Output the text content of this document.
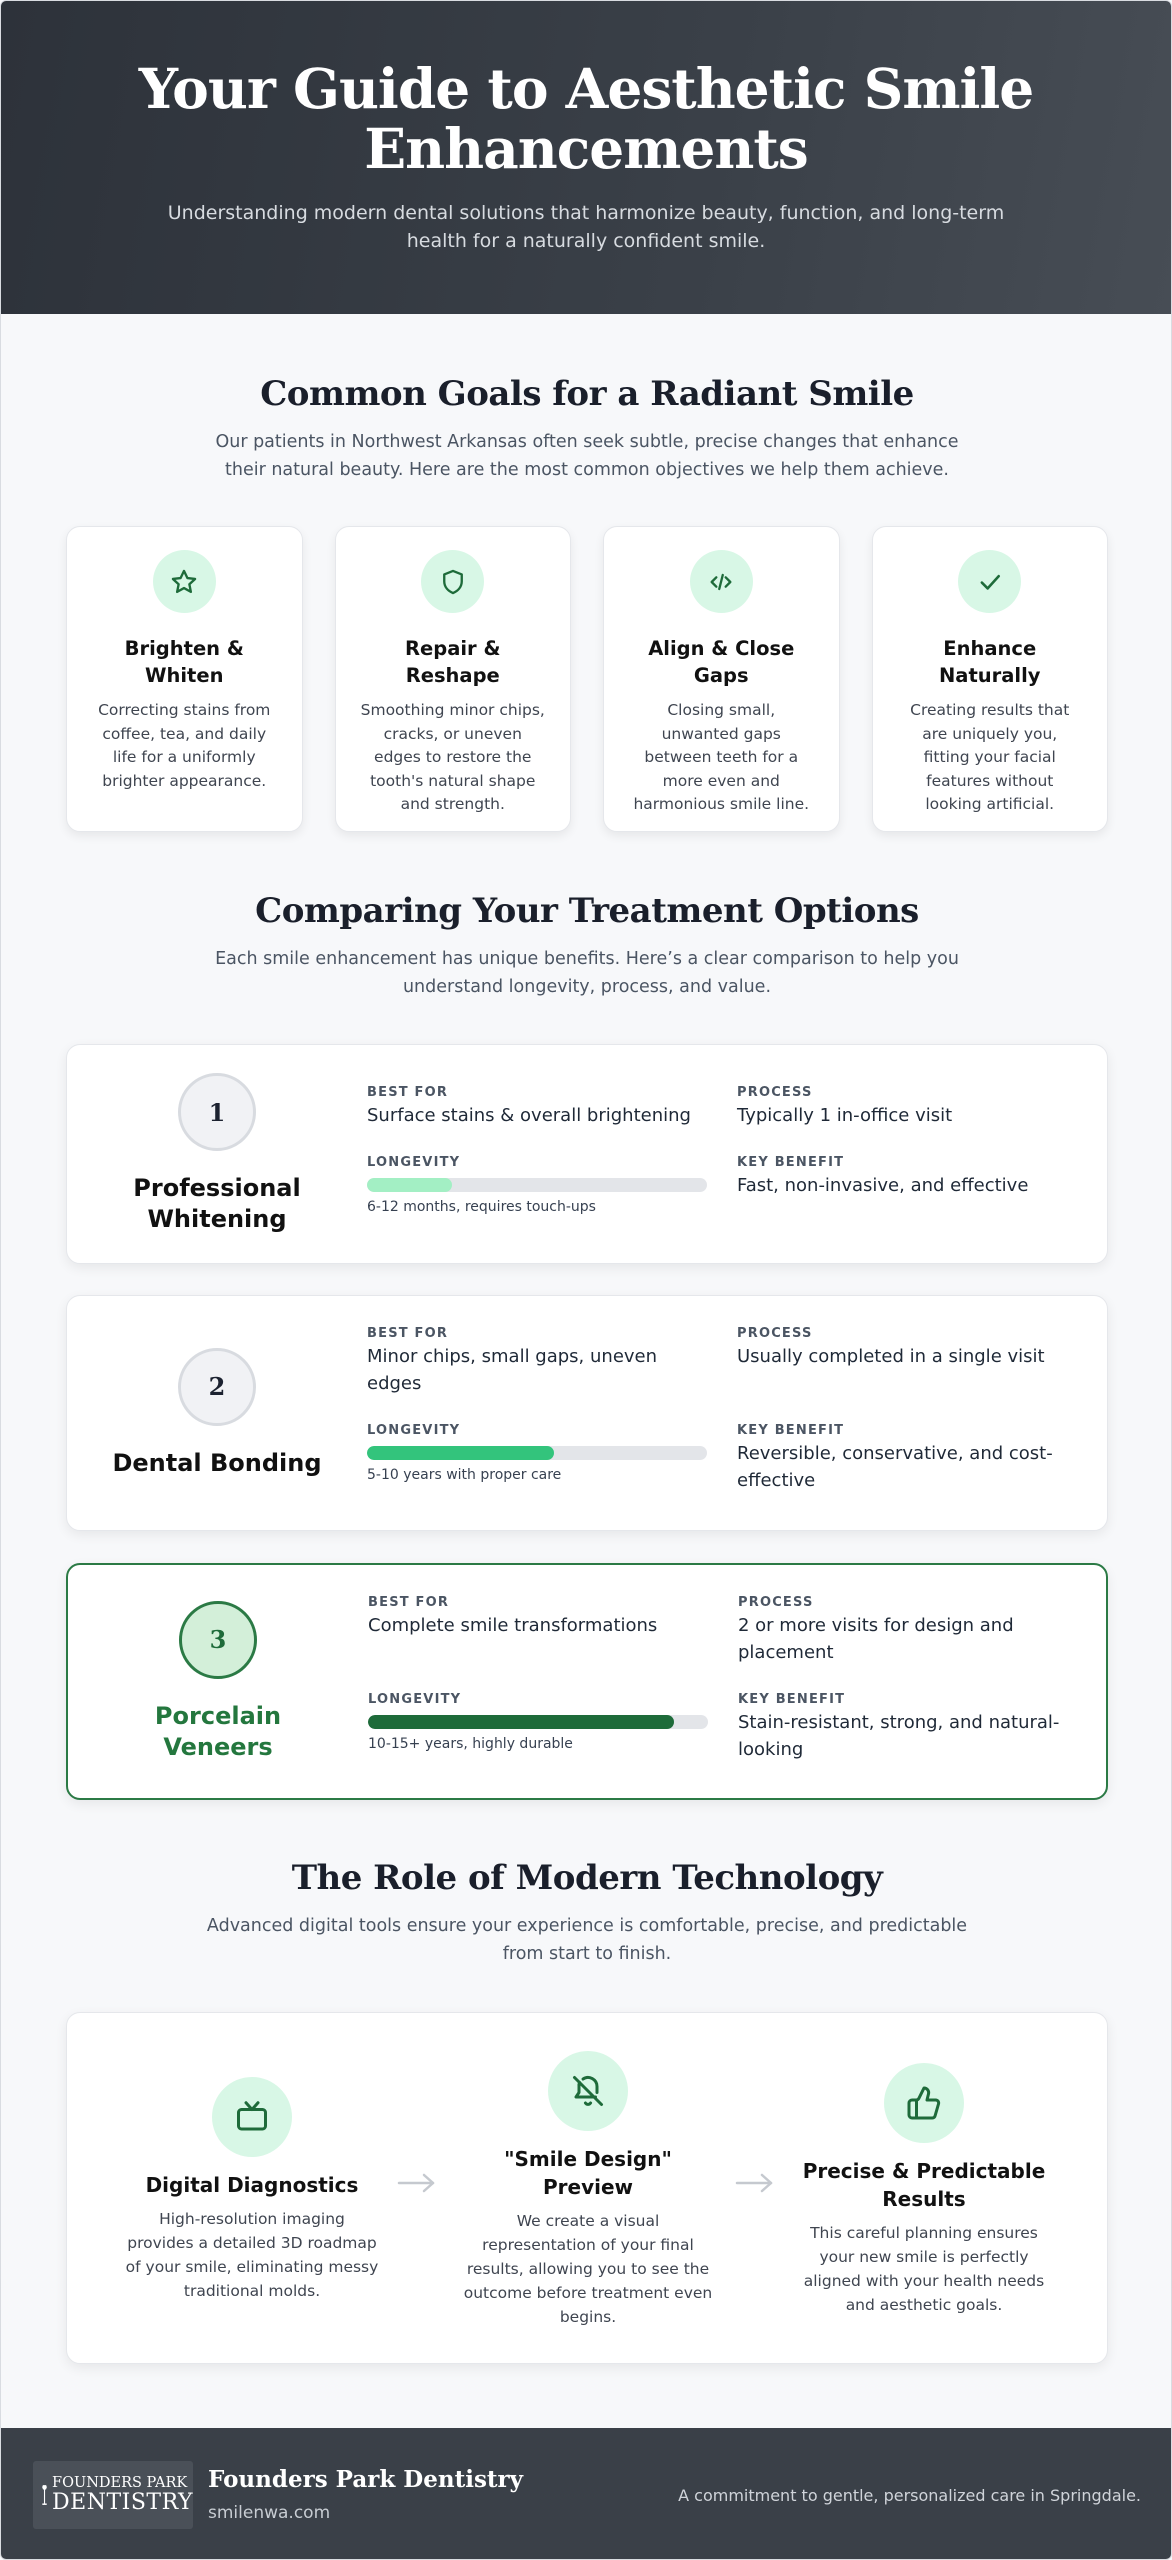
Your Guide to Aesthetic Smile Enhancements

Understanding modern dental solutions that harmonize beauty, function, and long-term health for a naturally confident smile.

Common Goals for a Radiant Smile

Our patients in Northwest Arkansas often seek subtle, precise changes that enhance their natural beauty. Here are the most common objectives we help them achieve.

Brighten & Whiten

Correcting stains from coffee, tea, and daily life for a uniformly brighter appearance.

Repair & Reshape

Smoothing minor chips, cracks, or uneven edges to restore the tooth's natural shape and strength.

Align & Close Gaps

Closing small, unwanted gaps between teeth for a more even and harmonious smile line.

Enhance Naturally

Creating results that are uniquely you, fitting your facial features without looking artificial.

Comparing Your Treatment Options

Each smile enhancement has unique benefits. Here’s a clear comparison to help you understand longevity, process, and value.

1
Professional Whitening
BEST FOR
Surface stains & overall brightening
LONGEVITY
6-12 months, requires touch-ups
PROCESS
Typically 1 in-office visit
KEY BENEFIT
Fast, non-invasive, and effective
2
Dental Bonding
BEST FOR
Minor chips, small gaps, uneven edges
LONGEVITY
5-10 years with proper care
PROCESS
Usually completed in a single visit
KEY BENEFIT
Reversible, conservative, and cost-effective
3
Porcelain Veneers
BEST FOR
Complete smile transformations
LONGEVITY
10-15+ years, highly durable
PROCESS
2 or more visits for design and placement
KEY BENEFIT
Stain-resistant, strong, and natural-looking
The Role of Modern Technology

Advanced digital tools ensure your experience is comfortable, precise, and predictable from start to finish.

Digital Diagnostics

High-resolution imaging provides a detailed 3D roadmap of your smile, eliminating messy traditional molds.

"Smile Design" Preview

We create a visual representation of your final results, allowing you to see the outcome before treatment even begins.

Precise & Predictable Results

This careful planning ensures your new smile is perfectly aligned with your health needs and aesthetic goals.

FOUNDERS PARK
DENTISTRY
Founders Park Dentistry
smilenwa.com
A commitment to gentle, personalized care in Springdale.
